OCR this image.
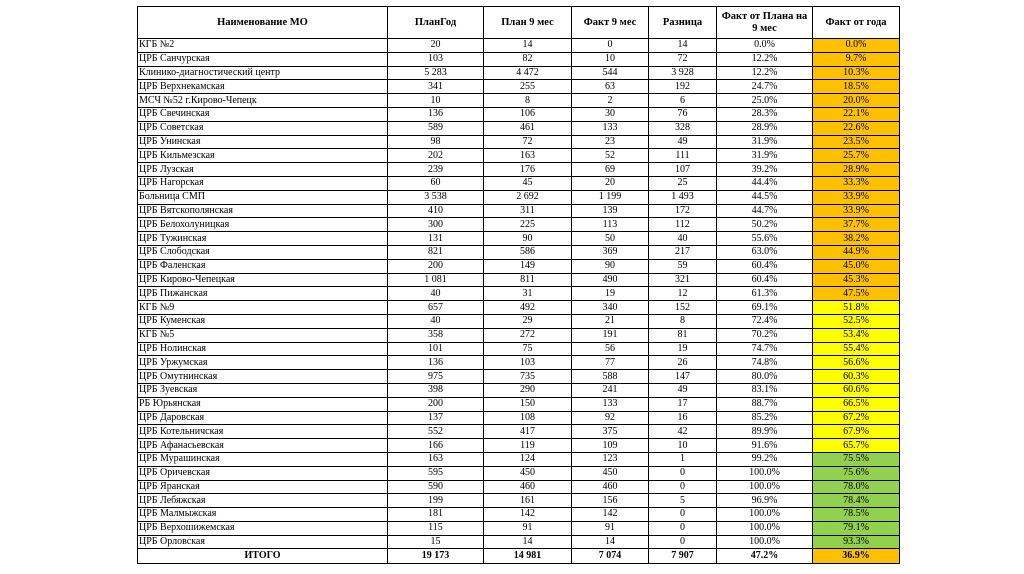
Наименование МО	ПланГод	План 9 мес	Факт 9 мес	Разница	Факт от Плана на 9 мес	Факт от года
КГБ №2	20	14	0	14	0.0%	0.0%
ЦРБ Санчурская	103	82	10	72	12.2%	9.7%
Клинико-диагностический центр	5 283	4 472	544	3 928	12.2%	10.3%
ЦРБ Верхнекамская	341	255	63	192	24.7%	18.5%
МСЧ №52 г.Кирово-Чепецк	10	8	2	6	25.0%	20.0%
ЦРБ Свечинская	136	106	30	76	28.3%	22.1%
ЦРБ Советская	589	461	133	328	28.9%	22.6%
ЦРБ Унинская	98	72	23	49	31.9%	23.5%
ЦРБ Кильмезская	202	163	52	111	31.9%	25.7%
ЦРБ Лузская	239	176	69	107	39.2%	28.9%
ЦРБ Нагорская	60	45	20	25	44.4%	33.3%
Больница СМП	3 538	2 692	1 199	1 493	44.5%	33.9%
ЦРБ Вятскополянская	410	311	139	172	44.7%	33.9%
ЦРБ Белохолуницкая	300	225	113	112	50.2%	37.7%
ЦРБ Тужинская	131	90	50	40	55.6%	38.2%
ЦРБ Слободская	821	586	369	217	63.0%	44.9%
ЦРБ Фаленская	200	149	90	59	60.4%	45.0%
ЦРБ Кирово-Чепецкая	1 081	811	490	321	60.4%	45.3%
ЦРБ Пижанская	40	31	19	12	61.3%	47.5%
КГБ №9	657	492	340	152	69.1%	51.8%
ЦРБ Куменская	40	29	21	8	72.4%	52.5%
КГБ №5	358	272	191	81	70.2%	53.4%
ЦРБ Нолинская	101	75	56	19	74.7%	55.4%
ЦРБ Уржумская	136	103	77	26	74.8%	56.6%
ЦРБ Омутнинская	975	735	588	147	80.0%	60.3%
ЦРБ Зуевская	398	290	241	49	83.1%	60.6%
РБ Юрьянская	200	150	133	17	88.7%	66.5%
ЦРБ Даровская	137	108	92	16	85.2%	67.2%
ЦРБ Котельничская	552	417	375	42	89.9%	67.9%
ЦРБ Афанасьевская	166	119	109	10	91.6%	65.7%
ЦРБ Мурашинская	163	124	123	1	99.2%	75.5%
ЦРБ Оричевская	595	450	450	0	100.0%	75.6%
ЦРБ Яранская	590	460	460	0	100.0%	78.0%
ЦРБ Лебяжская	199	161	156	5	96.9%	78.4%
ЦРБ Малмыжская	181	142	142	0	100.0%	78.5%
ЦРБ Верхошижемская	115	91	91	0	100.0%	79.1%
ЦРБ Орловская	15	14	14	0	100.0%	93.3%
ИТОГО	19 173	14 981	7 074	7 907	47.2%	36.9%
